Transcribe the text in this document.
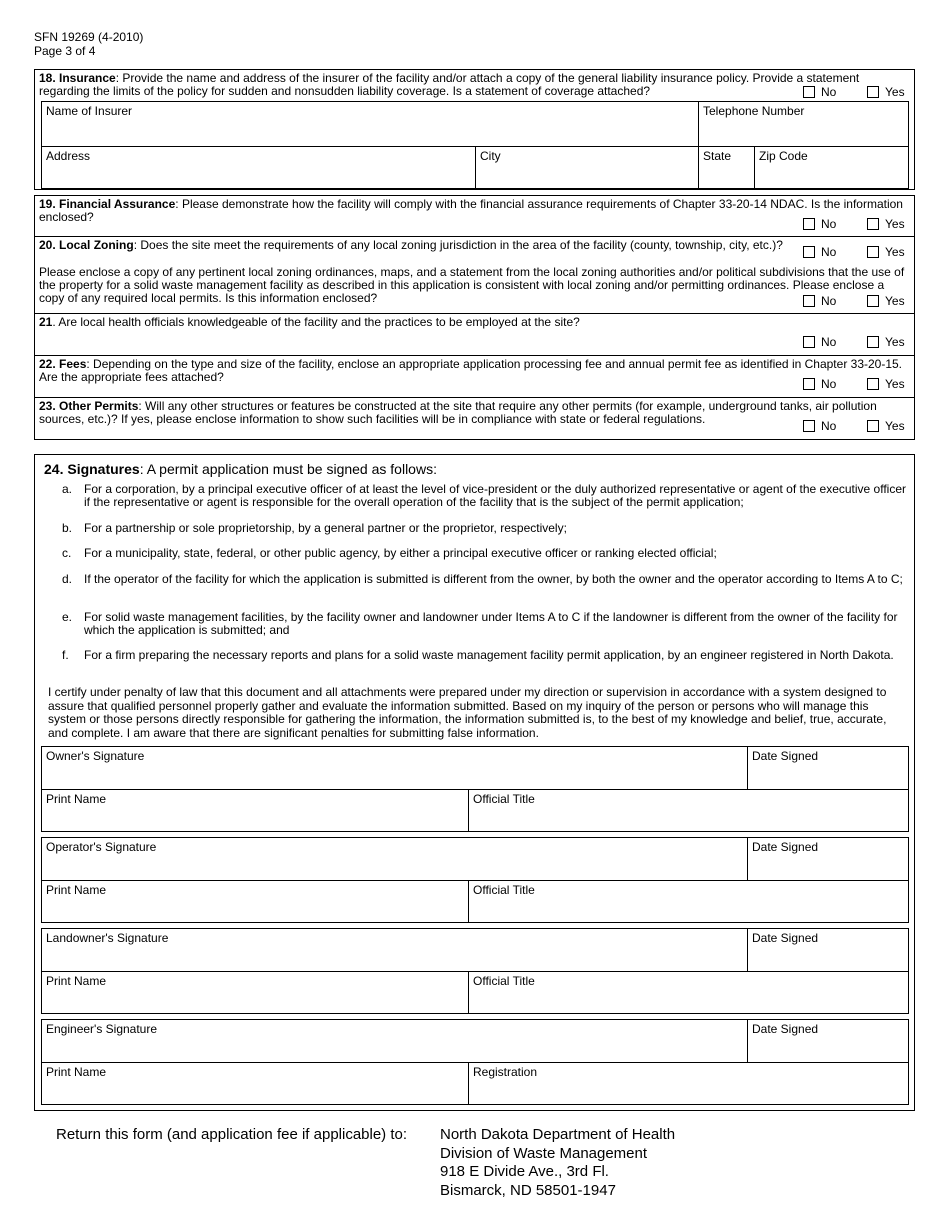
SFN 19269 (4-2010)
Page 3 of 4
18. Insurance: Provide the name and address of the insurer of the facility and/or attach a copy of the general liability insurance policy. Provide a statement regarding the limits of the policy for sudden and nonsudden liability coverage. Is a statement of coverage attached?	No	Yes
Name of Insurer	Telephone Number
Address	City	State	Zip Code
19. Financial Assurance: Please demonstrate how the facility will comply with the financial assurance requirements of Chapter 33-20-14 NDAC. Is the information enclosed?	No	Yes
20. Local Zoning: Does the site meet the requirements of any local zoning jurisdiction in the area of the facility (county, township, city, etc.)?	No	Yes
Please enclose a copy of any pertinent local zoning ordinances, maps, and a statement from the local zoning authorities and/or political subdivisions that the use of the property for a solid waste management facility as described in this application is consistent with local zoning and/or permitting ordinances. Please enclose a copy of any required local permits. Is this information enclosed?	No	Yes
21. Are local health officials knowledgeable of the facility and the practices to be employed at the site?
No	Yes
22. Fees: Depending on the type and size of the facility, enclose an appropriate application processing fee and annual permit fee as identified in Chapter 33-20-15. Are the appropriate fees attached?	No	Yes
23. Other Permits: Will any other structures or features be constructed at the site that require any other permits (for example, underground tanks, air pollution sources, etc.)? If yes, please enclose information to show such facilities will be in compliance with state or federal regulations.	No	Yes
24. Signatures: A permit application must be signed as follows:
a. For a corporation, by a principal executive officer of at least the level of vice-president or the duly authorized representative or agent of the executive officer if the representative or agent is responsible for the overall operation of the facility that is the subject of the permit application;
b. For a partnership or sole proprietorship, by a general partner or the proprietor, respectively;
c.	For a municipality, state, federal, or other public agency, by either a principal executive officer or ranking elected official;
d. If the operator of the facility for which the application is submitted is different from the owner, by both the owner and the operator according to Items A to C;
e. For solid waste management facilities, by the facility owner and landowner under Items A to C if the landowner is different from the owner of the facility for which the application is submitted; and
f.	For a firm preparing the necessary reports and plans for a solid waste management facility permit application, by an engineer registered in North Dakota.
I certify under penalty of law that this document and all attachments were prepared under my direction or supervision in accordance with a system designed to assure that qualified personnel properly gather and evaluate the information submitted. Based on my inquiry of the person or persons who will manage this system or those persons directly responsible for gathering the information, the information submitted is, to the best of my knowledge and belief, true, accurate, and complete. I am aware that there are significant penalties for submitting false information.
Owner's Signature	Date Signed
Print Name	Official Title
Operator's Signature	Date Signed
Print Name	Official Title
Landowner's Signature	Date Signed
Print Name	Official Title
Engineer's Signature	Date Signed
Print Name	Registration
Return this form (and application fee if applicable) to: North Dakota Department of Health
Division of Waste Management
918 E Divide Ave., 3rd Fl.
Bismarck, ND 58501-1947
